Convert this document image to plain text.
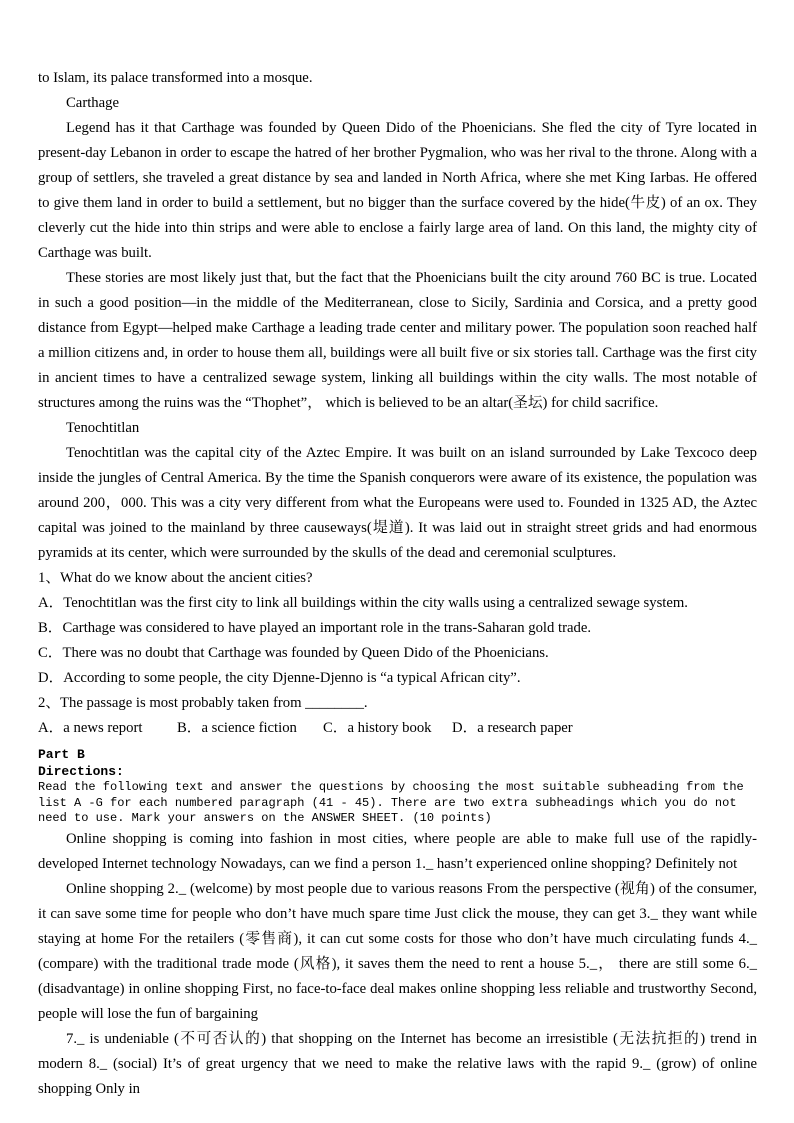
to Islam, its palace transformed into a mosque.

Carthage

Legend has it that Carthage was founded by Queen Dido of the Phoenicians. She fled the city of Tyre located in present-day Lebanon in order to escape the hatred of her brother Pygmalion, who was her rival to the throne. Along with a group of settlers, she traveled a great distance by sea and landed in North Africa, where she met King Iarbas. He offered to give them land in order to build a settlement, but no bigger than the surface covered by the hide(牛皮) of an ox. They cleverly cut the hide into thin strips and were able to enclose a fairly large area of land. On this land, the mighty city of Carthage was built.

These stories are most likely just that, but the fact that the Phoenicians built the city around 760 BC is true. Located in such a good position—in the middle of the Mediterranean, close to Sicily, Sardinia and Corsica, and a pretty good distance from Egypt—helped make Carthage a leading trade center and military power. The population soon reached half a million citizens and, in order to house them all, buildings were all built five or six stories tall. Carthage was the first city in ancient times to have a centralized sewage system, linking all buildings within the city walls. The most notable of structures among the ruins was the “Thophet”， which is believed to be an altar(圣坛) for child sacrifice.

Tenochtitlan

Tenochtitlan was the capital city of the Aztec Empire. It was built on an island surrounded by Lake Texcoco deep inside the jungles of Central America. By the time the Spanish conquerors were aware of its existence, the population was around 200，000. This was a city very different from what the Europeans were used to. Founded in 1325 AD, the Aztec capital was joined to the mainland by three causeways(堤道). It was laid out in straight street grids and had enormous pyramids at its center, which were surrounded by the skulls of the dead and ceremonial sculptures.

1、What do we know about the ancient cities?

A．Tenochtitlan was the first city to link all buildings within the city walls using a centralized sewage system.

B．Carthage was considered to have played an important role in the trans-Saharan gold trade.

C．There was no doubt that Carthage was founded by Queen Dido of the Phoenicians.

D．According to some people, the city Djenne-Djenno is “a typical African city”.

2、The passage is most probably taken from ________.

A．a news report	B．a science fiction	C．a history book	D．a research paper

Part B

Directions:

Read the following text and answer the questions by choosing the most suitable subheading from the list A -G for each numbered paragraph (41 - 45). There are two extra subheadings which you do not need to use. Mark your answers on the ANSWER SHEET. (10 points)

Online shopping is coming into fashion in most cities, where people are able to make full use of the rapidly-developed Internet technology Nowadays, can we find a person 1._ hasn’t experienced online shopping? Definitely not

Online shopping 2._ (welcome) by most people due to various reasons From the perspective (视角) of the consumer, it can save some time for people who don’t have much spare time Just click the mouse, they can get 3._ they want while staying at home For the retailers (零售商), it can cut some costs for those who don’t have much circulating funds 4._ (compare) with the traditional trade mode (风格), it saves them the need to rent a house 5._， there are still some 6._ (disadvantage) in online shopping First, no face-to-face deal makes online shopping less reliable and trustworthy Second, people will lose the fun of bargaining

7._ is undeniable (不可否认的) that shopping on the Internet has become an irresistible (无法抗拒的) trend in modern 8._ (social) It’s of great urgency that we need to make the relative laws with the rapid 9._ (grow) of online shopping Only in
